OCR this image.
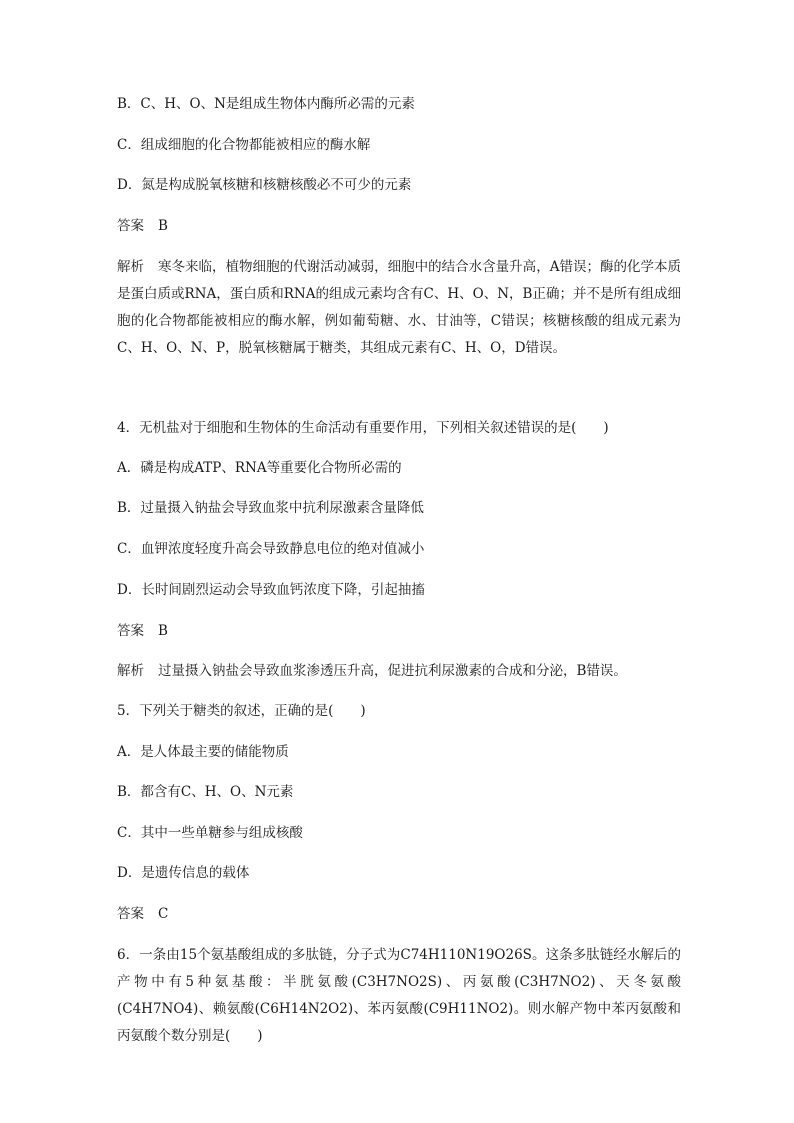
B．C、H、O、N是组成生物体内酶所必需的元素
C．组成细胞的化合物都能被相应的酶水解
D．氮是构成脱氧核糖和核糖核酸必不可少的元素
答案 B
解析 寒冬来临，植物细胞的代谢活动减弱，细胞中的结合水含量升高，A错误；酶的化学本质是蛋白质或RNA，蛋白质和RNA的组成元素均含有C、H、O、N，B正确；并不是所有组成细胞的化合物都能被相应的酶水解，例如葡萄糖、水、甘油等，C错误；核糖核酸的组成元素为C、H、O、N、P，脱氧核糖属于糖类，其组成元素有C、H、O，D错误。
4．无机盐对于细胞和生物体的生命活动有重要作用，下列相关叙述错误的是(　　)
A．磷是构成ATP、RNA等重要化合物所必需的
B．过量摄入钠盐会导致血浆中抗利尿激素含量降低
C．血钾浓度轻度升高会导致静息电位的绝对值减小
D．长时间剧烈运动会导致血钙浓度下降，引起抽搐
答案 B
解析 过量摄入钠盐会导致血浆渗透压升高，促进抗利尿激素的合成和分泌，B错误。
5．下列关于糖类的叙述，正确的是(　　)
A．是人体最主要的储能物质
B．都含有C、H、O、N元素
C．其中一些单糖参与组成核酸
D．是遗传信息的载体
答案 C
6．一条由15个氨基酸组成的多肽链，分子式为C74H110N19O26S。这条多肽链经水解后的产物中有5种氨基酸：半胱氨酸(C3H7NO2S)、丙氨酸(C3H7NO2)、天冬氨酸(C4H7NO4)、赖氨酸(C6H14N2O2)、苯丙氨酸(C9H11NO2)。则水解产物中苯丙氨酸和丙氨酸个数分别是(　　)
